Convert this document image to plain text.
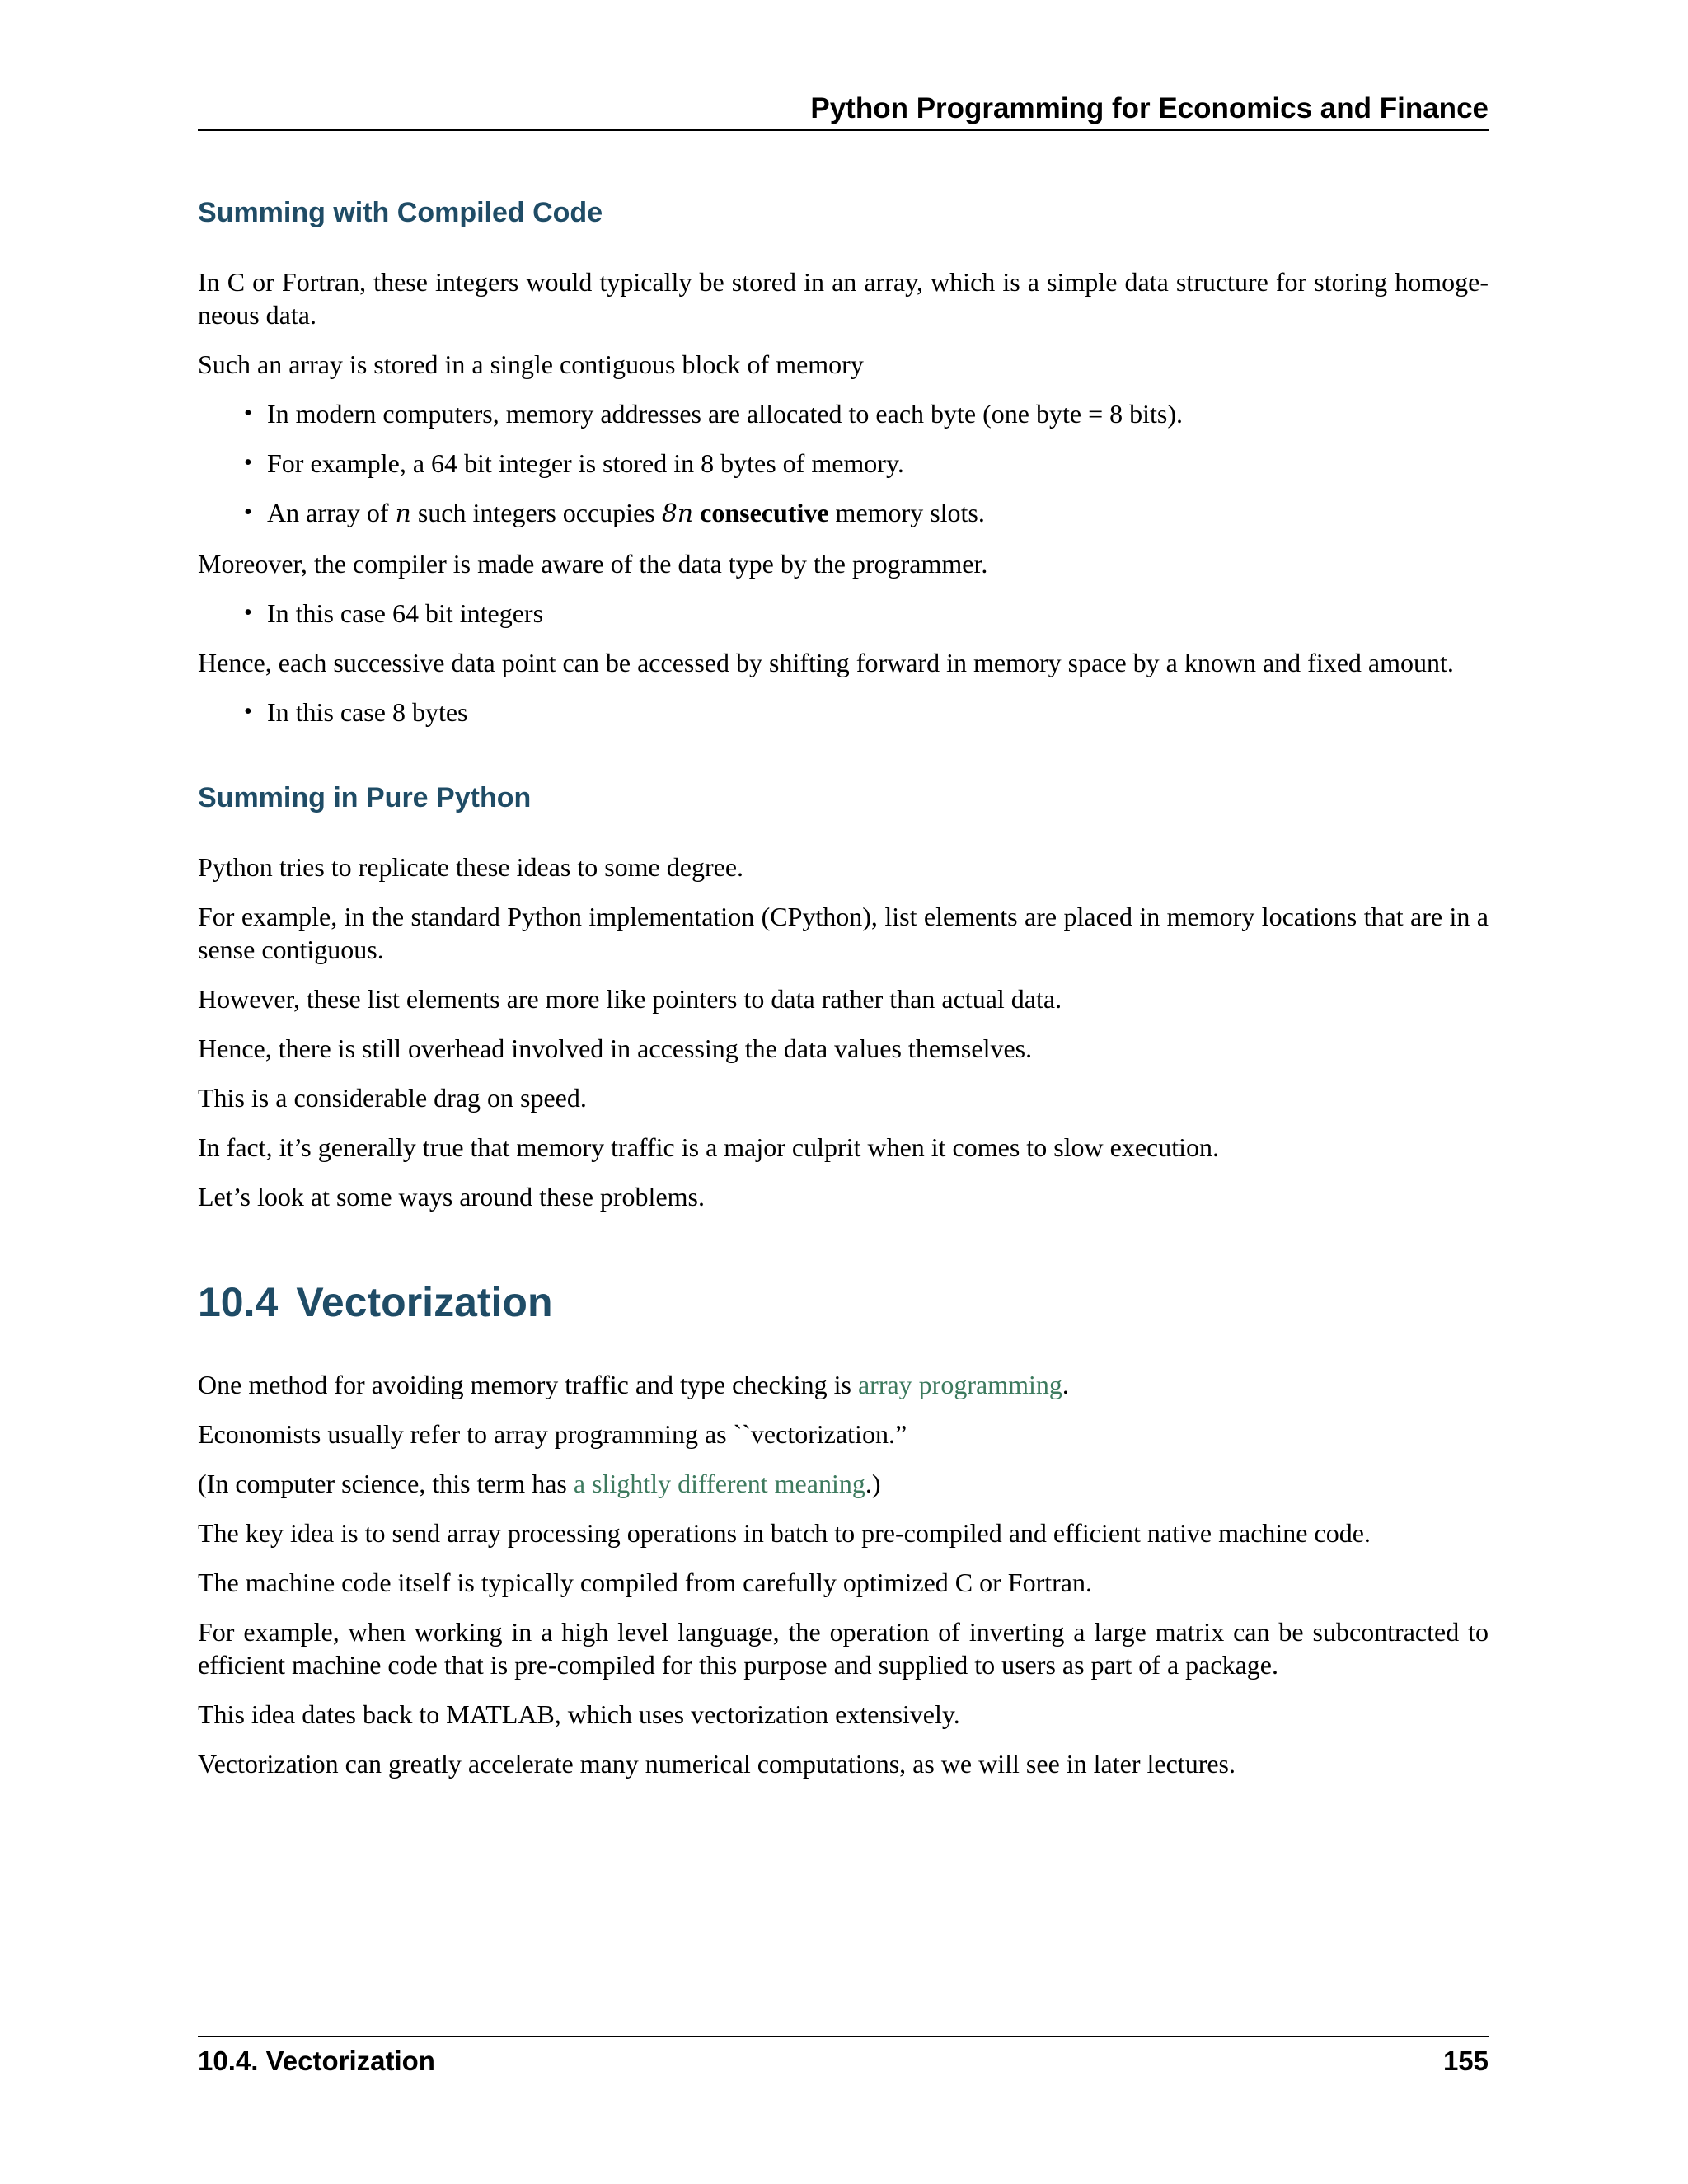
Python Programming for Economics and Finance
Summing with Compiled Code

In C or Fortran, these integers would typically be stored in an array, which is a simple data structure for storing homoge-neous data.

Such an array is stored in a single contiguous block of memory

• In modern computers, memory addresses are allocated to each byte (one byte = 8 bits).
• For example, a 64 bit integer is stored in 8 bytes of memory.
• An array of n such integers occupies 8n consecutive memory slots.

Moreover, the compiler is made aware of the data type by the programmer.

• In this case 64 bit integers

Hence, each successive data point can be accessed by shifting forward in memory space by a known and fixed amount.

• In this case 8 bytes
Summing in Pure Python

Python tries to replicate these ideas to some degree.

For example, in the standard Python implementation (CPython), list elements are placed in memory locations that are in a sense contiguous.

However, these list elements are more like pointers to data rather than actual data.

Hence, there is still overhead involved in accessing the data values themselves.

This is a considerable drag on speed.

In fact, it’s generally true that memory traffic is a major culprit when it comes to slow execution.

Let’s look at some ways around these problems.

10.4 Vectorization

One method for avoiding memory traffic and type checking is array programming.

Economists usually refer to array programming as ``vectorization.”

(In computer science, this term has a slightly different meaning.)

The key idea is to send array processing operations in batch to pre-compiled and efficient native machine code.

The machine code itself is typically compiled from carefully optimized C or Fortran.

For example, when working in a high level language, the operation of inverting a large matrix can be subcontracted to efficient machine code that is pre-compiled for this purpose and supplied to users as part of a package.

This idea dates back to MATLAB, which uses vectorization extensively.

Vectorization can greatly accelerate many numerical computations, as we will see in later lectures.

10.4. Vectorization	155
